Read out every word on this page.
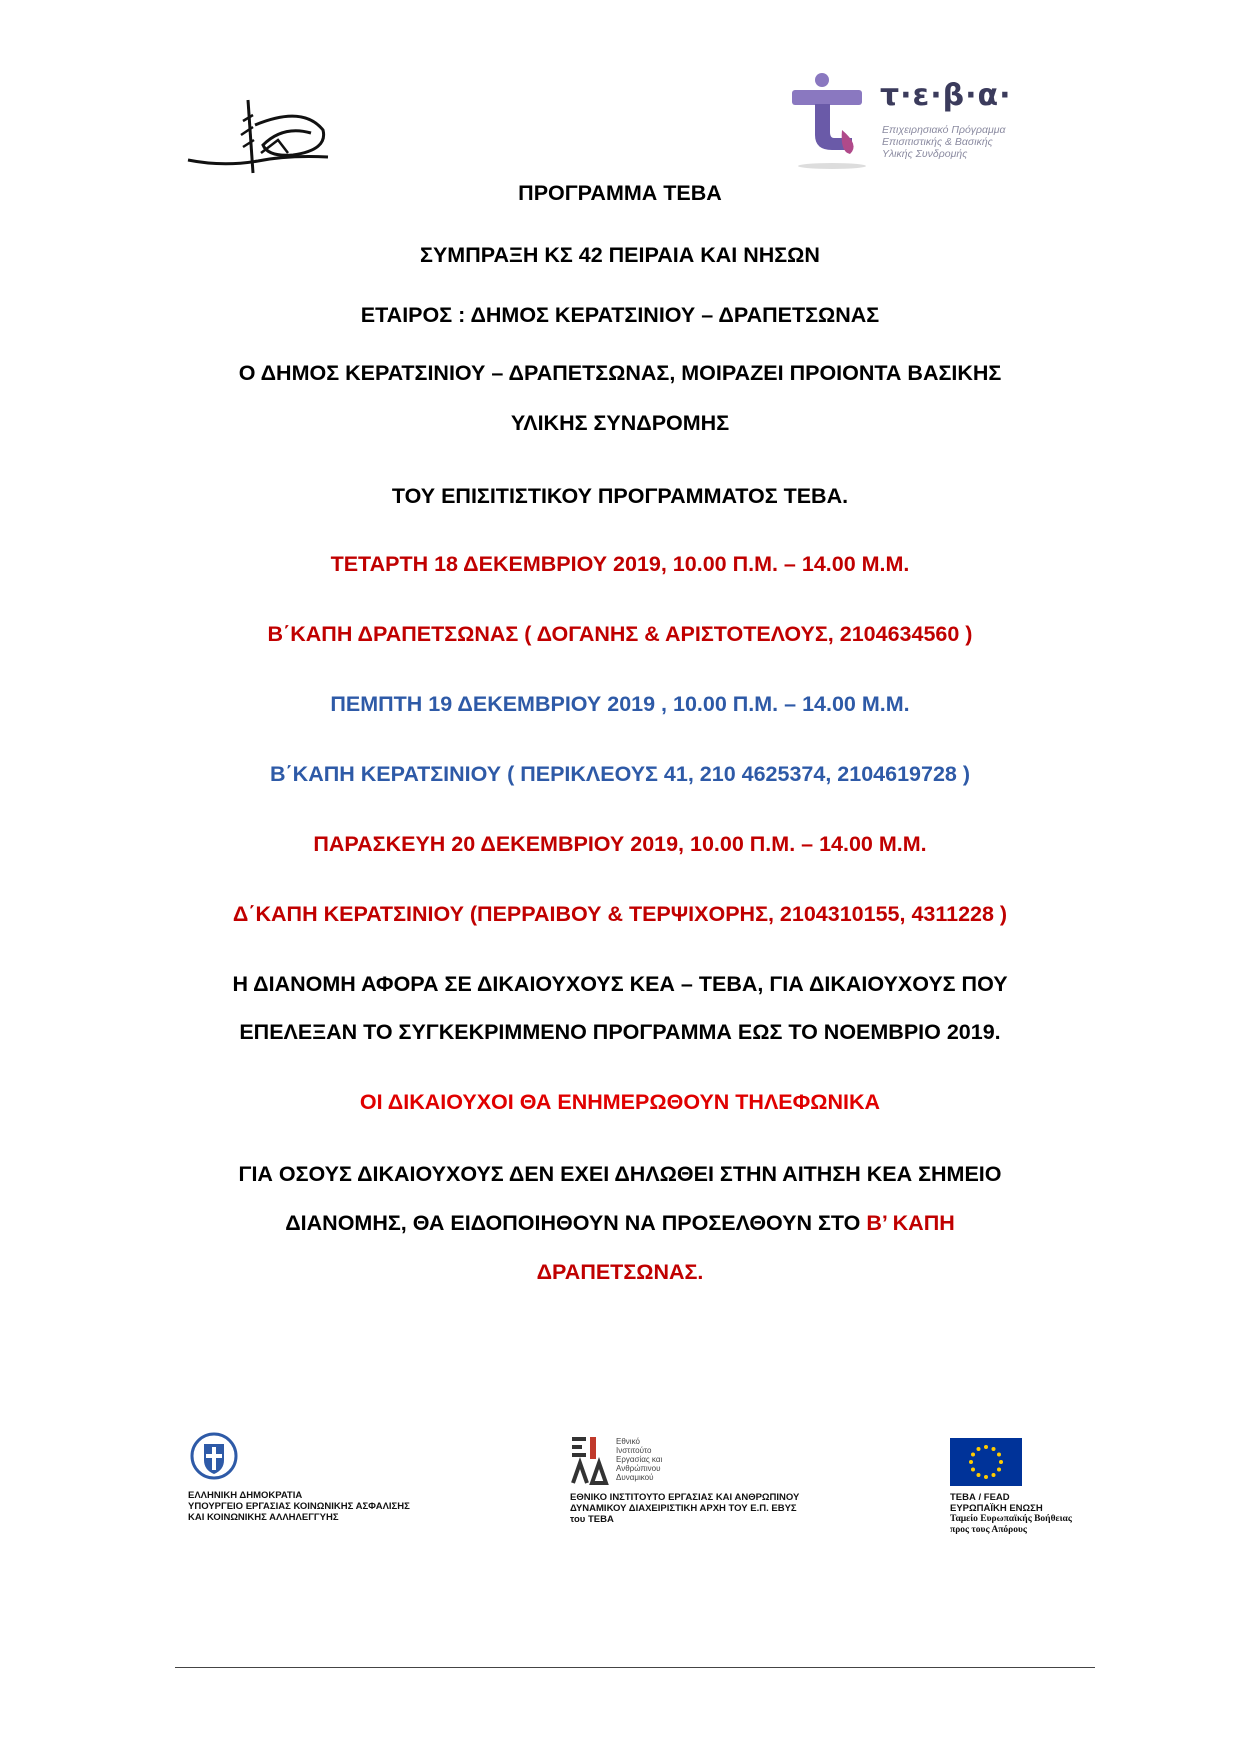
τ·ε·β·α·
Επιχειρησιακό Πρόγραμμα
Επισιτιστικής & Βασικής
Υλικής Συνδρομής
ΠΡΟΓΡΑΜΜΑ ΤΕΒΑ
ΣΥΜΠΡΑΞΗ ΚΣ 42 ΠΕΙΡΑΙΑ ΚΑΙ ΝΗΣΩΝ
ΕΤΑΙΡΟΣ : ΔΗΜΟΣ ΚΕΡΑΤΣΙΝΙΟΥ – ΔΡΑΠΕΤΣΩΝΑΣ
Ο ΔΗΜΟΣ ΚΕΡΑΤΣΙΝΙΟΥ – ΔΡΑΠΕΤΣΩΝΑΣ, ΜΟΙΡΑΖΕΙ ΠΡΟΙΟΝΤΑ ΒΑΣΙΚΗΣ
ΥΛΙΚΗΣ ΣΥΝΔΡΟΜΗΣ
ΤΟΥ ΕΠΙΣΙΤΙΣΤΙΚΟΥ ΠΡΟΓΡΑΜΜΑΤΟΣ ΤΕΒΑ.
ΤΕΤΑΡΤΗ 18 ΔΕΚΕΜΒΡΙΟΥ 2019, 10.00 Π.Μ. – 14.00 Μ.Μ.
Β΄ΚΑΠΗ ΔΡΑΠΕΤΣΩΝΑΣ ( ΔΟΓΑΝΗΣ & ΑΡΙΣΤΟΤΕΛΟΥΣ, 2104634560 )
ΠΕΜΠΤΗ 19 ΔΕΚΕΜΒΡΙΟΥ 2019 , 10.00 Π.Μ. – 14.00 Μ.Μ.
Β΄ΚΑΠΗ ΚΕΡΑΤΣΙΝΙΟΥ ( ΠΕΡΙΚΛΕΟΥΣ 41, 210 4625374, 2104619728 )
ΠΑΡΑΣΚΕΥΗ 20 ΔΕΚΕΜΒΡΙΟΥ 2019, 10.00 Π.Μ. – 14.00 Μ.Μ.
Δ΄ΚΑΠΗ ΚΕΡΑΤΣΙΝΙΟΥ (ΠΕΡΡΑΙΒΟΥ & ΤΕΡΨΙΧΟΡΗΣ, 2104310155, 4311228 )
Η ΔΙΑΝΟΜΗ ΑΦΟΡΑ ΣΕ ΔΙΚΑΙΟΥΧΟΥΣ ΚΕΑ – ΤΕΒΑ, ΓΙΑ ΔΙΚΑΙΟΥΧΟΥΣ ΠΟΥ
ΕΠΕΛΕΞΑΝ ΤΟ ΣΥΓΚΕΚΡΙΜΜΕΝΟ ΠΡΟΓΡΑΜΜΑ ΕΩΣ ΤΟ ΝΟΕΜΒΡΙΟ 2019.
ΟΙ ΔΙΚΑΙΟΥΧΟΙ ΘΑ ΕΝΗΜΕΡΩΘΟΥΝ ΤΗΛΕΦΩΝΙΚΑ
ΓΙΑ ΟΣΟΥΣ ΔΙΚΑΙΟΥΧΟΥΣ ΔΕΝ ΕΧΕΙ ΔΗΛΩΘΕΙ ΣΤΗΝ ΑΙΤΗΣΗ ΚΕΑ ΣΗΜΕΙΟ
ΔΙΑΝΟΜΗΣ, ΘΑ ΕΙΔΟΠΟΙΗΘΟΥΝ ΝΑ ΠΡΟΣΕΛΘΟΥΝ ΣΤΟ Β’ ΚΑΠΗ
ΔΡΑΠΕΤΣΩΝΑΣ.
ΕΛΛΗΝΙΚΗ ΔΗΜΟΚΡΑΤΙΑ
ΥΠΟΥΡΓΕΙΟ ΕΡΓΑΣΙΑΣ ΚΟΙΝΩΝΙΚΗΣ ΑΣΦΑΛΙΣΗΣ
ΚΑΙ ΚΟΙΝΩΝΙΚΗΣ ΑΛΛΗΛΕΓΓΥΗΣ
Εθνικό
Ινστιτούτο
Εργασίας και
Ανθρώπινου
Δυναμικού
ΕΘΝΙΚΟ ΙΝΣΤΙΤΟΥΤΟ ΕΡΓΑΣΙΑΣ ΚΑΙ ΑΝΘΡΩΠΙΝΟΥ
ΔΥΝΑΜΙΚΟΥ ΔΙΑΧΕΙΡΙΣΤΙΚΗ ΑΡΧΗ ΤΟΥ Ε.Π. ΕΒΥΣ
του ΤΕΒΑ
ΤΕΒΑ / FEAD
ΕΥΡΩΠΑΪΚΗ ΕΝΩΣΗ
Ταμείο Ευρωπαϊκής Βοήθειας
προς τους Απόρους
